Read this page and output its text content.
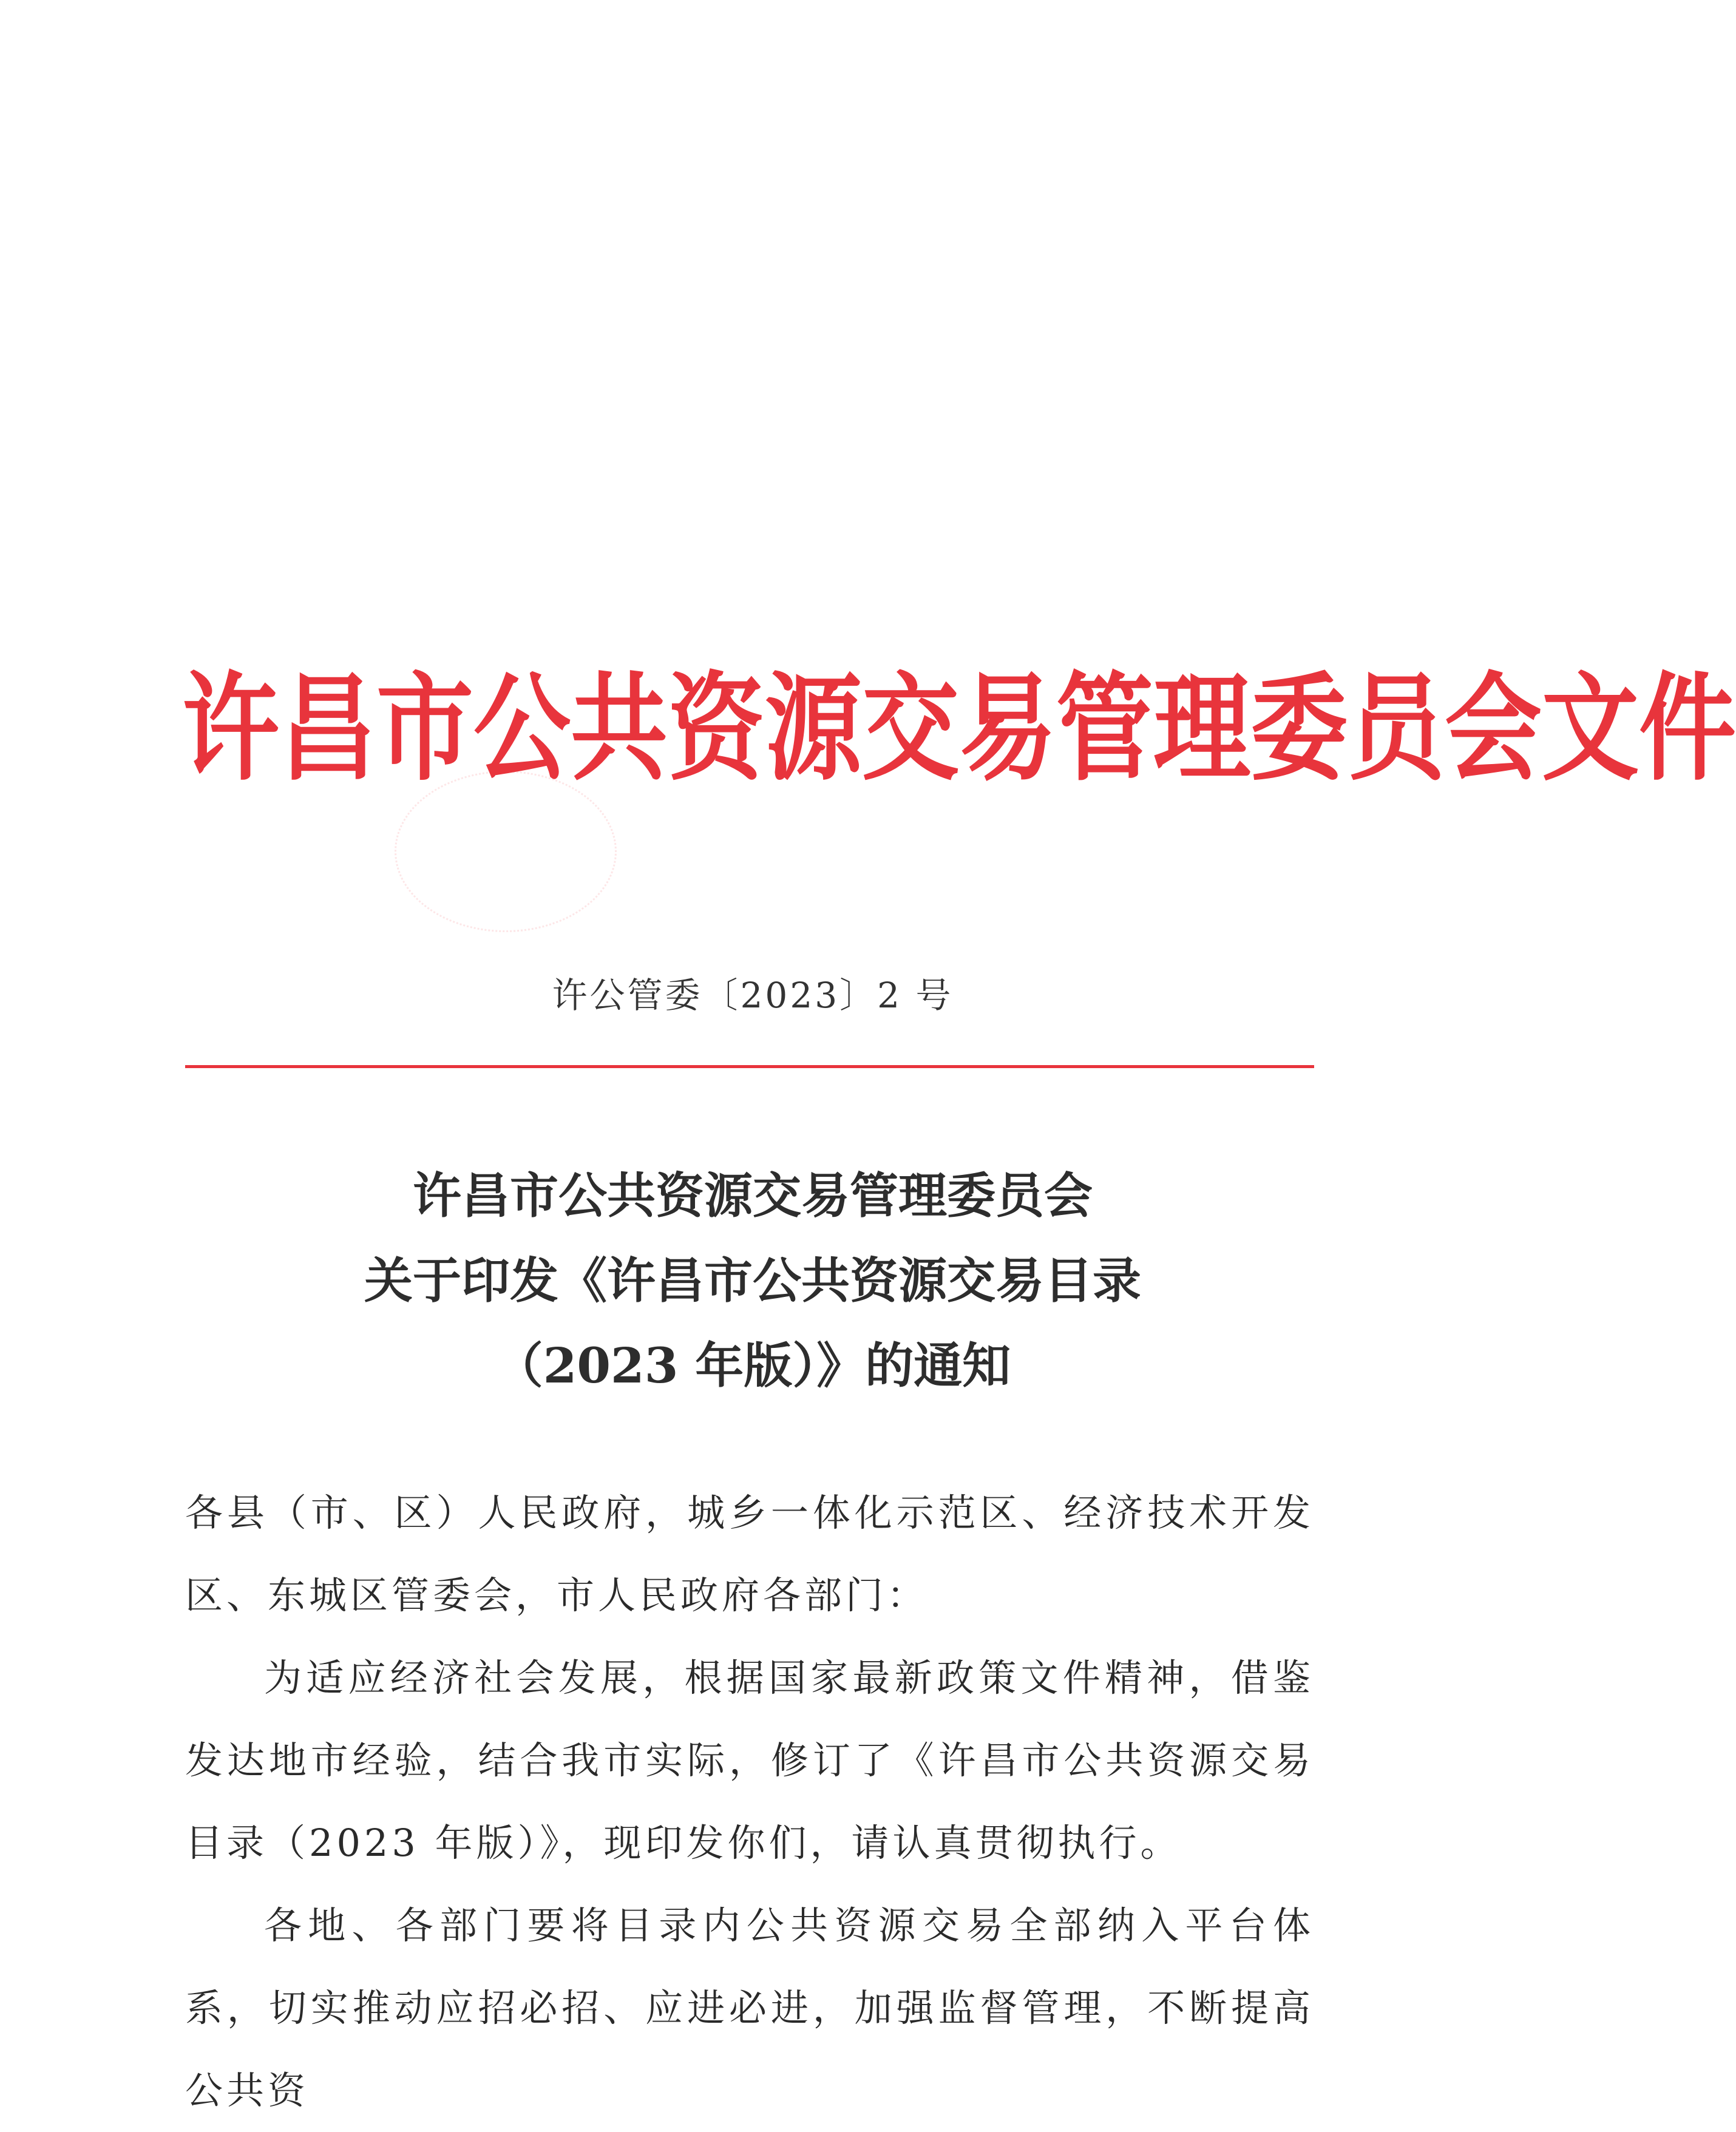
许昌市公共资源交易管理委员会文件
许公管委〔2023〕2 号
许昌市公共资源交易管理委员会
关于印发《许昌市公共资源交易目录
（2023 年版）》的通知

各县（市、区）人民政府，城乡一体化示范区、经济技术开发区、东城区管委会，市人民政府各部门：

为适应经济社会发展，根据国家最新政策文件精神，借鉴发达地市经验，结合我市实际，修订了《许昌市公共资源交易目录（2023 年版）》，现印发你们，请认真贯彻执行。

各地、各部门要将目录内公共资源交易全部纳入平台体系，切实推动应招必招、应进必进，加强监督管理，不断提高公共资
